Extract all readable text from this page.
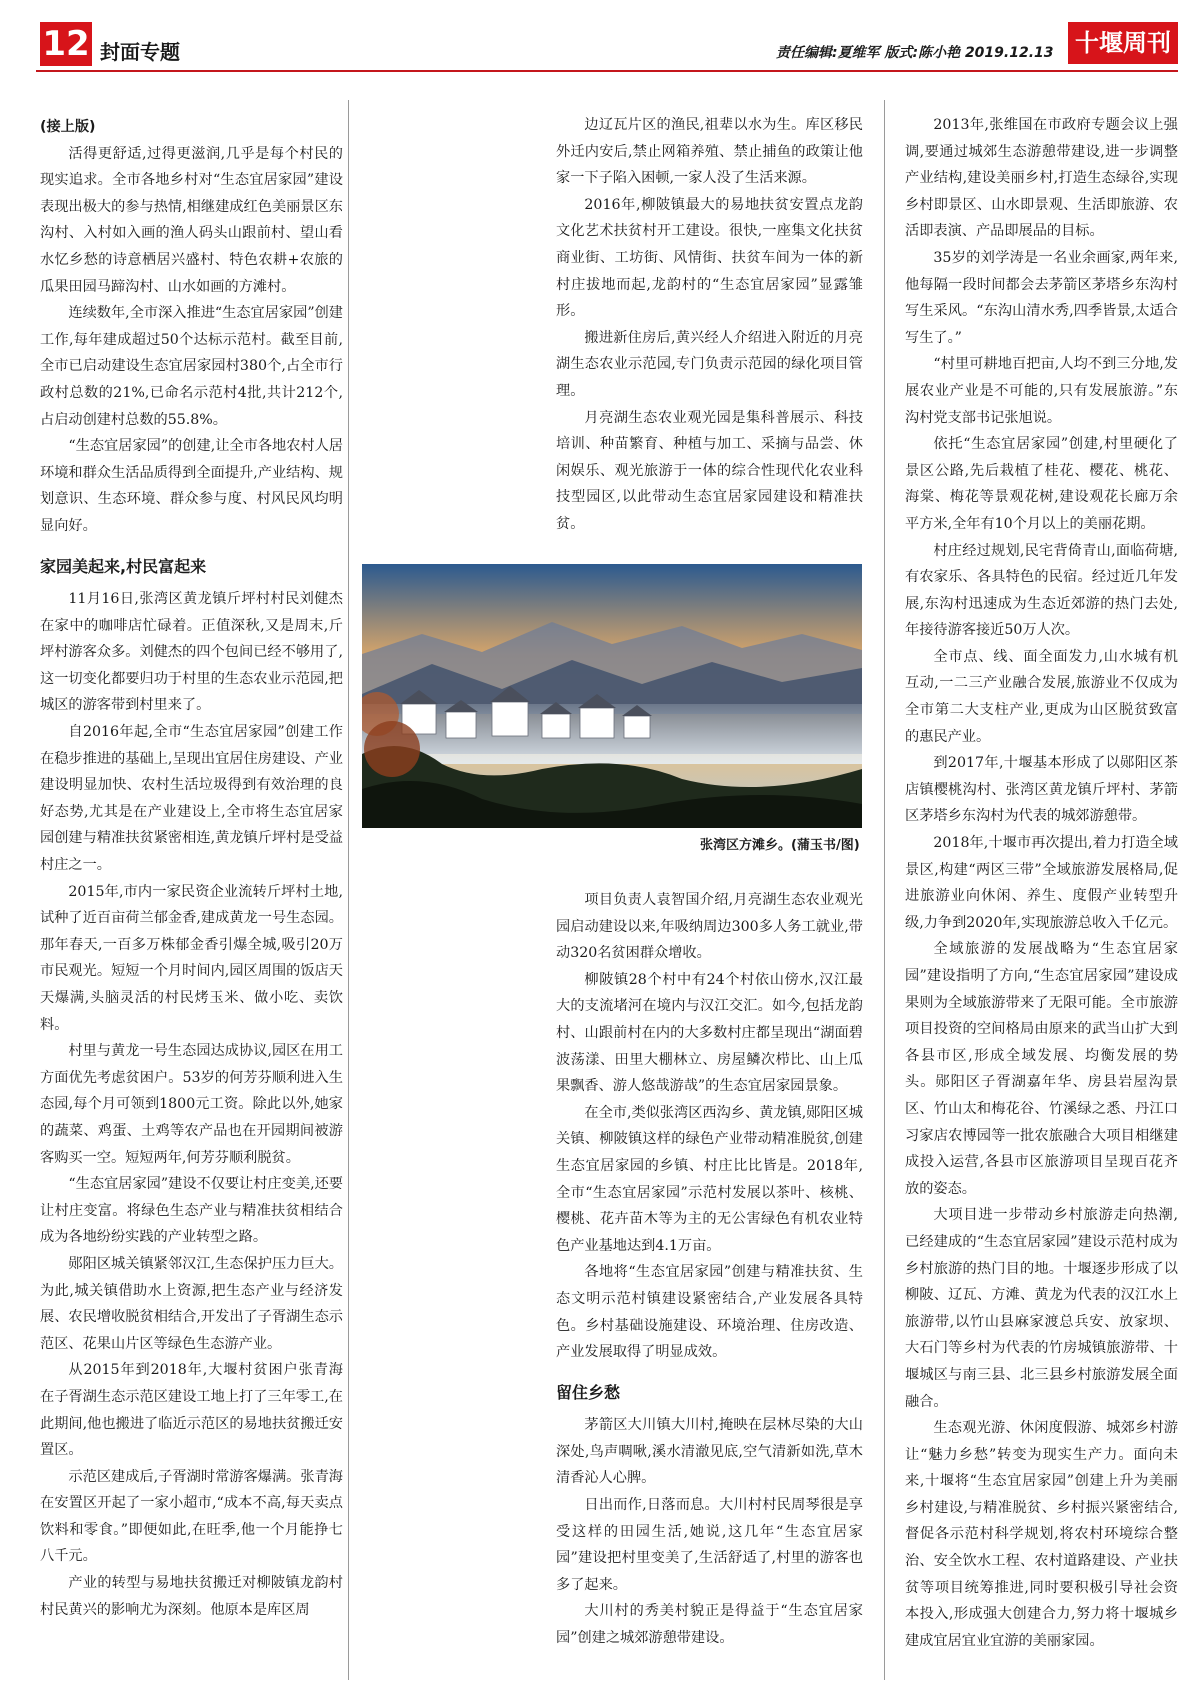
12 封面专题	责任编辑:夏维军 版式:陈小艳 2019.12.13 十堰周刊

(接上版)

活得更舒适,过得更滋润,几乎是每个村民的现实追求。全市各地乡村对“生态宜居家园”建设表现出极大的参与热情,相继建成红色美丽景区东沟村、入村如入画的渔人码头山跟前村、望山看水忆乡愁的诗意栖居兴盛村、特色农耕+农旅的瓜果田园马蹄沟村、山水如画的方滩村。

连续数年,全市深入推进“生态宜居家园”创建工作,每年建成超过50个达标示范村。截至目前,全市已启动建设生态宜居家园村380个,占全市行政村总数的21%,已命名示范村4批,共计212个,占启动创建村总数的55.8%。

“生态宜居家园”的创建,让全市各地农村人居环境和群众生活品质得到全面提升,产业结构、规划意识、生态环境、群众参与度、村风民风均明显向好。

家园美起来,村民富起来

11月16日,张湾区黄龙镇斤坪村村民刘健杰在家中的咖啡店忙碌着。正值深秋,又是周末,斤坪村游客众多。刘健杰的四个包间已经不够用了,这一切变化都要归功于村里的生态农业示范园,把城区的游客带到村里来了。

自2016年起,全市“生态宜居家园”创建工作在稳步推进的基础上,呈现出宜居住房建设、产业建设明显加快、农村生活垃圾得到有效治理的良好态势,尤其是在产业建设上,全市将生态宜居家园创建与精准扶贫紧密相连,黄龙镇斤坪村是受益村庄之一。

2015年,市内一家民资企业流转斤坪村土地,试种了近百亩荷兰郁金香,建成黄龙一号生态园。那年春天,一百多万株郁金香引爆全城,吸引20万市民观光。短短一个月时间内,园区周围的饭店天天爆满,头脑灵活的村民烤玉米、做小吃、卖饮料。

村里与黄龙一号生态园达成协议,园区在用工方面优先考虑贫困户。53岁的何芳芬顺利进入生态园,每个月可领到1800元工资。除此以外,她家的蔬菜、鸡蛋、土鸡等农产品也在开园期间被游客购买一空。短短两年,何芳芬顺利脱贫。

“生态宜居家园”建设不仅要让村庄变美,还要让村庄变富。将绿色生态产业与精准扶贫相结合成为各地纷纷实践的产业转型之路。

郧阳区城关镇紧邻汉江,生态保护压力巨大。为此,城关镇借助水上资源,把生态产业与经济发展、农民增收脱贫相结合,开发出了子胥湖生态示范区、花果山片区等绿色生态游产业。

从2015年到2018年,大堰村贫困户张青海在子胥湖生态示范区建设工地上打了三年零工,在此期间,他也搬进了临近示范区的易地扶贫搬迁安置区。

示范区建成后,子胥湖时常游客爆满。张青海在安置区开起了一家小超市,“成本不高,每天卖点饮料和零食。”即便如此,在旺季,他一个月能挣七八千元。

产业的转型与易地扶贫搬迁对柳陂镇龙韵村村民黄兴的影响尤为深刻。他原本是库区周

边辽瓦片区的渔民,祖辈以水为生。库区移民外迁内安后,禁止网箱养殖、禁止捕鱼的政策让他家一下子陷入困顿,一家人没了生活来源。

2016年,柳陂镇最大的易地扶贫安置点龙韵文化艺术扶贫村开工建设。很快,一座集文化扶贫商业街、工坊街、风情街、扶贫车间为一体的新村庄拔地而起,龙韵村的“生态宜居家园”显露雏形。

搬进新住房后,黄兴经人介绍进入附近的月亮湖生态农业示范园,专门负责示范园的绿化项目管理。

月亮湖生态农业观光园是集科普展示、科技培训、种苗繁育、种植与加工、采摘与品尝、休闲娱乐、观光旅游于一体的综合性现代化农业科技型园区,以此带动生态宜居家园建设和精准扶贫。

张湾区方滩乡。(蒲玉书/图)

项目负责人袁智国介绍,月亮湖生态农业观光园启动建设以来,年吸纳周边300多人务工就业,带动320名贫困群众增收。

柳陂镇28个村中有24个村依山傍水,汉江最大的支流堵河在境内与汉江交汇。如今,包括龙韵村、山跟前村在内的大多数村庄都呈现出“湖面碧波荡漾、田里大棚林立、房屋鳞次栉比、山上瓜果飘香、游人悠哉游哉”的生态宜居家园景象。

在全市,类似张湾区西沟乡、黄龙镇,郧阳区城关镇、柳陂镇这样的绿色产业带动精准脱贫,创建生态宜居家园的乡镇、村庄比比皆是。2018年,全市“生态宜居家园”示范村发展以茶叶、核桃、樱桃、花卉苗木等为主的无公害绿色有机农业特色产业基地达到4.1万亩。

各地将“生态宜居家园”创建与精准扶贫、生态文明示范村镇建设紧密结合,产业发展各具特色。乡村基础设施建设、环境治理、住房改造、产业发展取得了明显成效。

留住乡愁

茅箭区大川镇大川村,掩映在层林尽染的大山深处,鸟声啁啾,溪水清澈见底,空气清新如洗,草木清香沁人心脾。

日出而作,日落而息。大川村村民周琴很是享受这样的田园生活,她说,这几年“生态宜居家园”建设把村里变美了,生活舒适了,村里的游客也多了起来。

大川村的秀美村貌正是得益于“生态宜居家园”创建之城郊游憩带建设。

2013年,张维国在市政府专题会议上强调,要通过城郊生态游憩带建设,进一步调整产业结构,建设美丽乡村,打造生态绿谷,实现乡村即景区、山水即景观、生活即旅游、农活即表演、产品即展品的目标。

35岁的刘学涛是一名业余画家,两年来,他每隔一段时间都会去茅箭区茅塔乡东沟村写生采风。“东沟山清水秀,四季皆景,太适合写生了。”

“村里可耕地百把亩,人均不到三分地,发展农业产业是不可能的,只有发展旅游。”东沟村党支部书记张旭说。

依托“生态宜居家园”创建,村里硬化了景区公路,先后栽植了桂花、樱花、桃花、海棠、梅花等景观花树,建设观花长廊万余平方米,全年有10个月以上的美丽花期。

村庄经过规划,民宅背倚青山,面临荷塘,有农家乐、各具特色的民宿。经过近几年发展,东沟村迅速成为生态近郊游的热门去处,年接待游客接近50万人次。

全市点、线、面全面发力,山水城有机互动,一二三产业融合发展,旅游业不仅成为全市第二大支柱产业,更成为山区脱贫致富的惠民产业。

到2017年,十堰基本形成了以郧阳区茶店镇樱桃沟村、张湾区黄龙镇斤坪村、茅箭区茅塔乡东沟村为代表的城郊游憩带。

2018年,十堰市再次提出,着力打造全域景区,构建“两区三带”全域旅游发展格局,促进旅游业向休闲、养生、度假产业转型升级,力争到2020年,实现旅游总收入千亿元。

全域旅游的发展战略为“生态宜居家园”建设指明了方向,“生态宜居家园”建设成果则为全域旅游带来了无限可能。全市旅游项目投资的空间格局由原来的武当山扩大到各县市区,形成全域发展、均衡发展的势头。郧阳区子胥湖嘉年华、房县岩屋沟景区、竹山太和梅花谷、竹溪绿之悉、丹江口习家店农博园等一批农旅融合大项目相继建成投入运营,各县市区旅游项目呈现百花齐放的姿态。

大项目进一步带动乡村旅游走向热潮,已经建成的“生态宜居家园”建设示范村成为乡村旅游的热门目的地。十堰逐步形成了以柳陂、辽瓦、方滩、黄龙为代表的汉江水上旅游带,以竹山县麻家渡总兵安、放家坝、大石门等乡村为代表的竹房城镇旅游带、十堰城区与南三县、北三县乡村旅游发展全面融合。

生态观光游、休闲度假游、城郊乡村游让“魅力乡愁”转变为现实生产力。面向未来,十堰将“生态宜居家园”创建上升为美丽乡村建设,与精准脱贫、乡村振兴紧密结合,督促各示范村科学规划,将农村环境综合整治、安全饮水工程、农村道路建设、产业扶贫等项目统筹推进,同时要积极引导社会资本投入,形成强大创建合力,努力将十堰城乡建成宜居宜业宜游的美丽家园。
